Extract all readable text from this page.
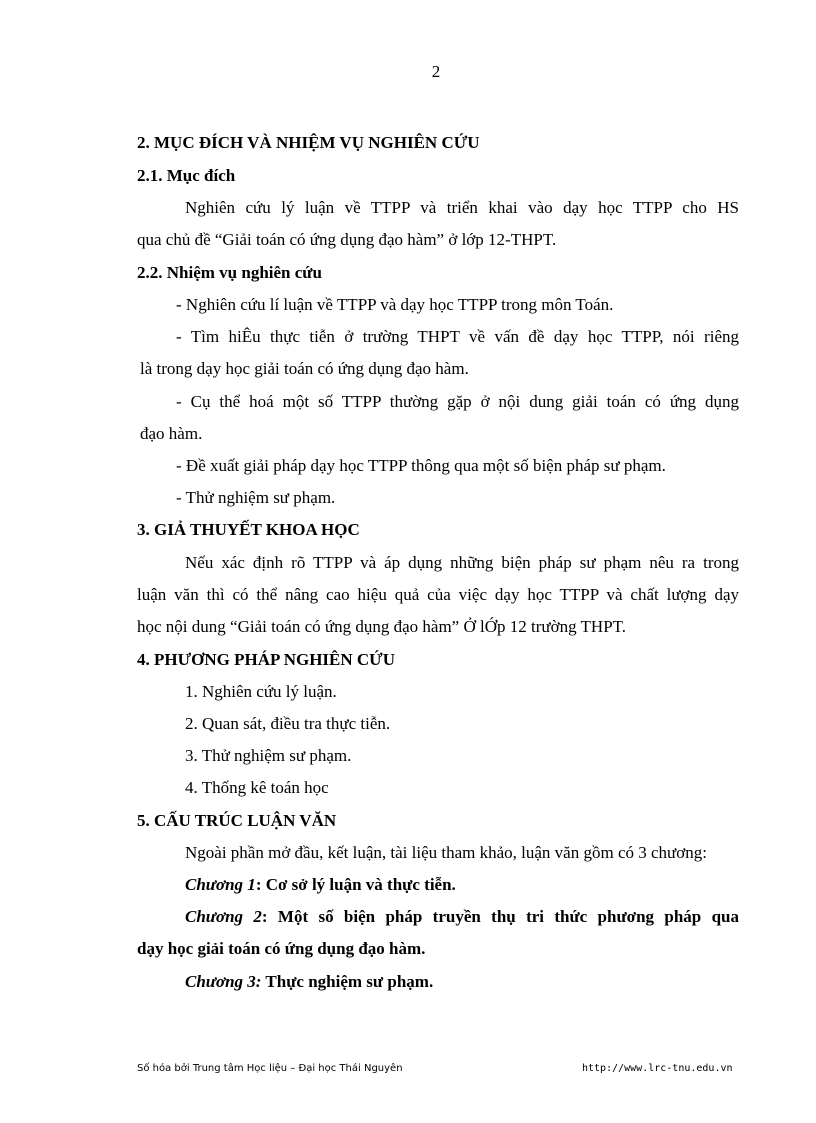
2
2. MỤC ĐÍCH VÀ NHIỆM VỤ NGHIÊN CỨU
2.1. Mục đích
Nghiên cứu lý luận về TTPP và triển khai vào dạy học TTPP cho HS
qua chủ đề “Giải toán có ứng dụng đạo hàm” ở lớp 12-THPT.
2.2. Nhiệm vụ nghiên cứu
- Nghiên cứu lí luận về TTPP và dạy học TTPP trong môn Toán.
- Tìm hiÊu thực tiễn ở trường THPT về vấn đề dạy học TTPP, nói riêng
là trong dạy học giải toán có ứng dụng đạo hàm.
- Cụ thể hoá một số TTPP thường gặp ở nội dung giải toán có ứng dụng
đạo hàm.
- Đề xuất giải pháp dạy học TTPP thông qua một số biện pháp sư phạm.
- Thử nghiệm sư phạm.
3. GIẢ THUYẾT KHOA HỌC
Nếu xác định rõ TTPP và áp dụng những biện pháp sư phạm nêu ra trong
luận văn thì có thể nâng cao hiệu quả của việc dạy học TTPP và chất lượng dạy
học nội dung “Giải toán có ứng dụng đạo hàm” Ở lỚp 12 trường THPT.
4. PHƯƠNG PHÁP NGHIÊN CỨU
1. Nghiên cứu lý luận.
2. Quan sát, điều tra thực tiễn.
3. Thử nghiệm sư phạm.
4. Thống kê toán học
5. CẤU TRÚC LUẬN VĂN
Ngoài phần mở đầu, kết luận, tài liệu tham khảo, luận văn gồm có 3 chương:
Chương 1: Cơ sở lý luận và thực tiễn.
Chương 2: Một số biện pháp truyền thụ tri thức phương pháp qua
dạy học giải toán có ứng dụng đạo hàm.
Chương 3: Thực nghiệm sư phạm.
Số hóa bởi Trung tâm Học liệu – Đại học Thái Nguyên	http://www.lrc-tnu.edu.vn
